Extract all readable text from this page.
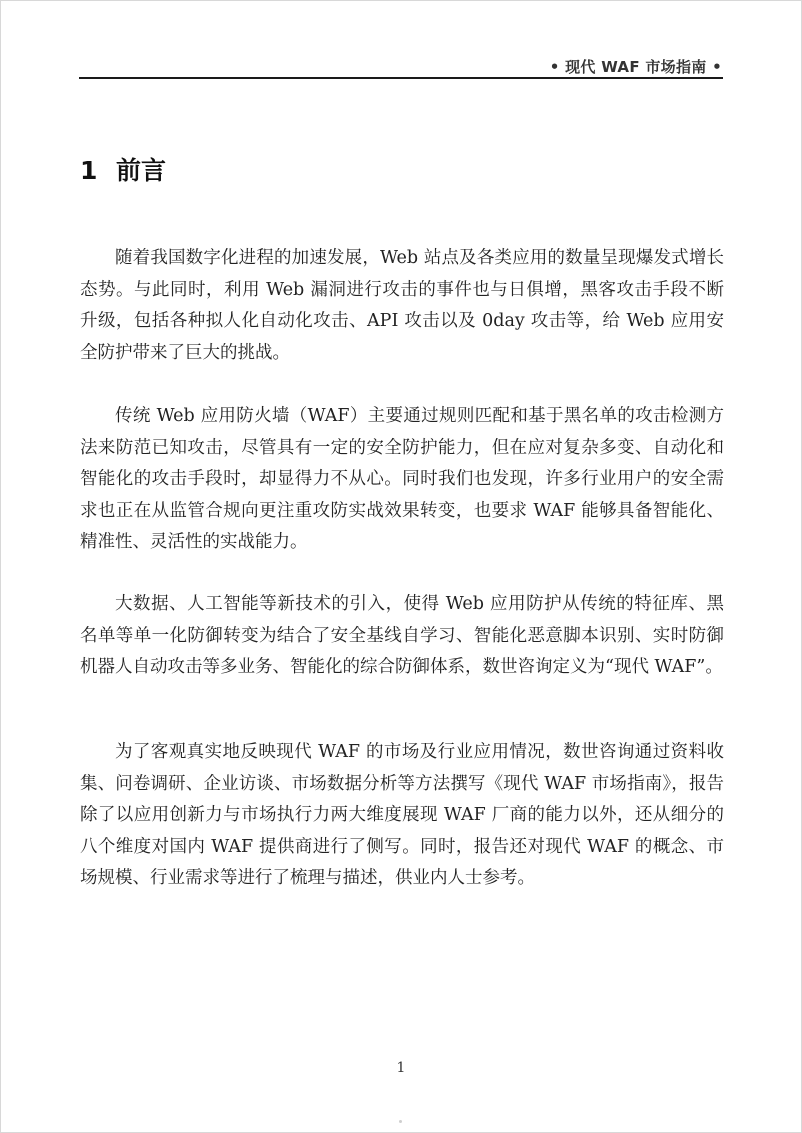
• 现代 WAF 市场指南 •
1 前言

随着我国数字化进程的加速发展，Web 站点及各类应用的数量呈现爆发式增长态势。与此同时，利用 Web 漏洞进行攻击的事件也与日俱增，黑客攻击手段不断升级，包括各种拟人化自动化攻击、API 攻击以及 0day 攻击等，给 Web 应用安全防护带来了巨大的挑战。

传统 Web 应用防火墙（WAF）主要通过规则匹配和基于黑名单的攻击检测方法来防范已知攻击，尽管具有一定的安全防护能力，但在应对复杂多变、自动化和智能化的攻击手段时，却显得力不从心。同时我们也发现，许多行业用户的安全需求也正在从监管合规向更注重攻防实战效果转变，也要求 WAF 能够具备智能化、精准性、灵活性的实战能力。

大数据、人工智能等新技术的引入，使得 Web 应用防护从传统的特征库、黑名单等单一化防御转变为结合了安全基线自学习、智能化恶意脚本识别、实时防御机器人自动攻击等多业务、智能化的综合防御体系，数世咨询定义为“现代 WAF”。

为了客观真实地反映现代 WAF 的市场及行业应用情况，数世咨询通过资料收集、问卷调研、企业访谈、市场数据分析等方法撰写《现代 WAF 市场指南》，报告除了以应用创新力与市场执行力两大维度展现 WAF 厂商的能力以外，还从细分的八个维度对国内 WAF 提供商进行了侧写。同时，报告还对现代 WAF 的概念、市场规模、行业需求等进行了梳理与描述，供业内人士参考。

1
